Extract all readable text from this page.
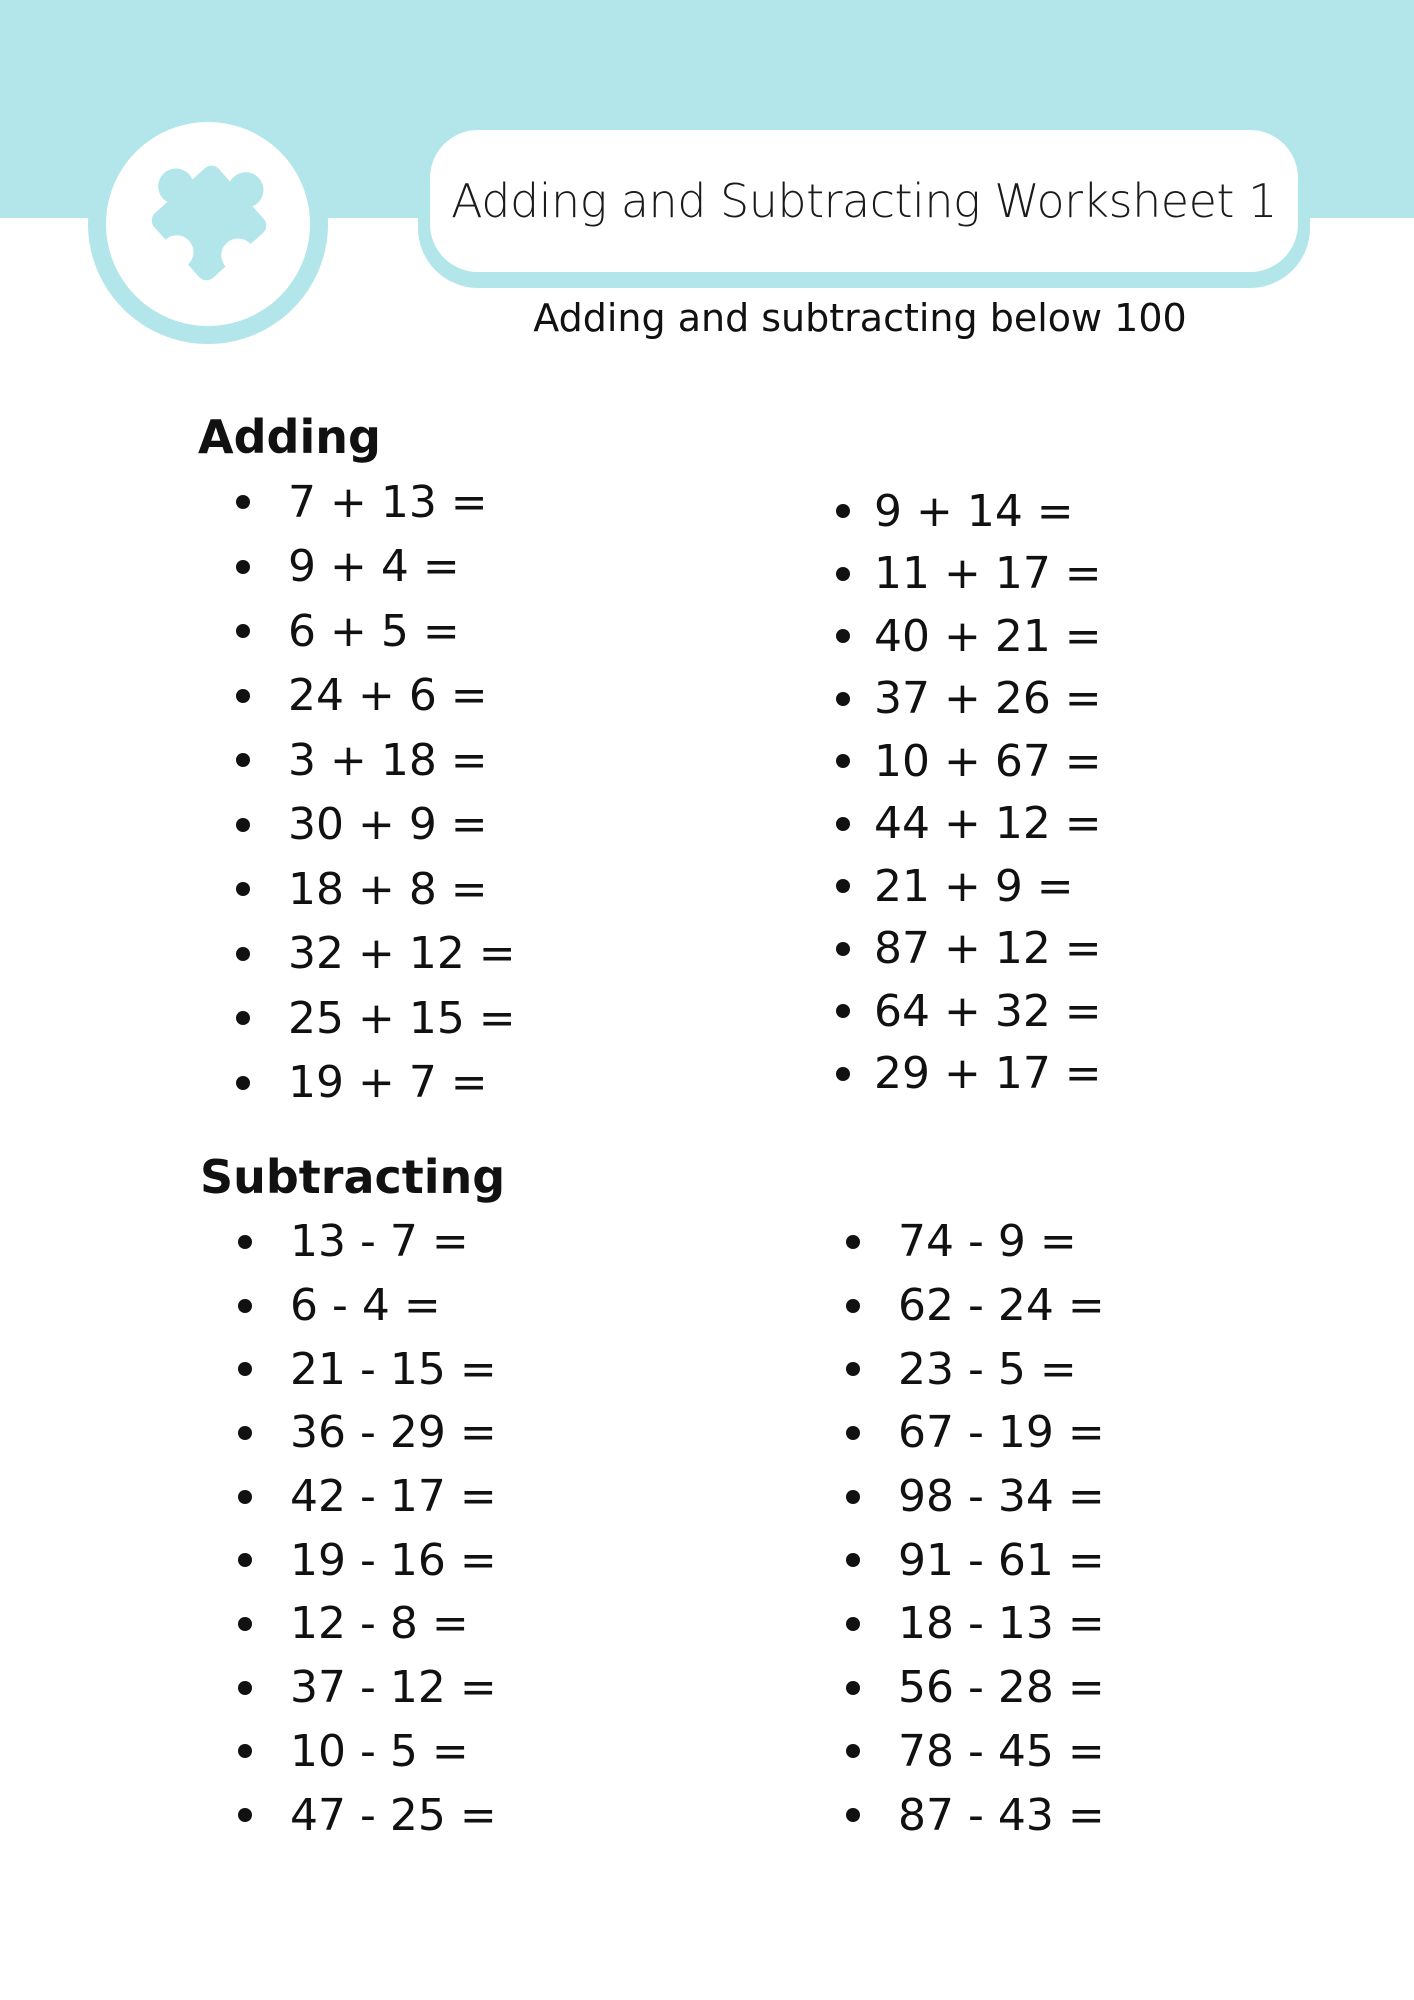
Adding and Subtracting Worksheet 1
Adding and subtracting below 100
Adding
7 + 13 =
9 + 4 =
6 + 5 =
24 + 6 =
3 + 18 =
30 + 9 =
18 + 8 =
32 + 12 =
25 + 15 =
19 + 7 =
9 + 14 =
11 + 17 =
40 + 21 =
37 + 26 =
10 + 67 =
44 + 12 =
21 + 9 =
87 + 12 =
64 + 32 =
29 + 17 =
Subtracting
13 - 7 =
6 - 4 =
21 - 15 =
36 - 29 =
42 - 17 =
19 - 16 =
12 - 8 =
37 - 12 =
10 - 5 =
47 - 25 =
74 - 9 =
62 - 24 =
23 - 5 =
67 - 19 =
98 - 34 =
91 - 61 =
18 - 13 =
56 - 28 =
78 - 45 =
87 - 43 =
